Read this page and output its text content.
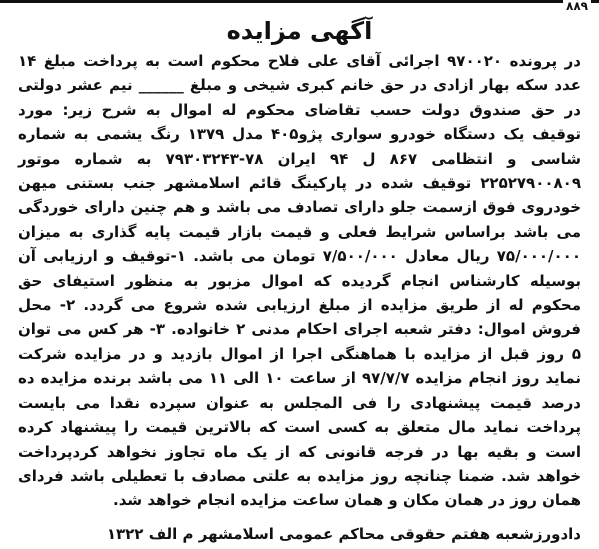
۸۸۹
آگهی مزایده
در پرونده ۹۷۰۰۲۰ اجرائی آقای علی فلاح محکوم است به پرداخت مبلغ ۱۴ عدد سکه بهار ازادی در حق خانم کبری شیخی و مبلغ ______ نیم عشر دولتی در حق صندوق دولت حسب تقاضای محکوم له اموال به شرح زیر: مورد توقیف یک دستگاه خودرو سواری پژو۴۰۵ مدل ۱۳۷۹ رنگ یشمی به شماره شاسی و انتظامی ۸۶۷ ل ۹۴ ایران ۷۸-۷۹۳۰۳۲۴۳ به شماره موتور ۲۲۵۲۷۹۰۰۸۰۹ توقیف شده در پارکینگ قائم اسلامشهر جنب بستنی میهن خودروی فوق ازسمت جلو دارای تصادف می باشد و هم چنین دارای خوردگی می باشد براساس شرایط فعلی و قیمت بازار قیمت پایه گذاری به میزان ۷۵/۰۰۰/۰۰۰ ریال معادل ۷/۵۰۰/۰۰۰ تومان می باشد. ۱-توقیف و ارزیابی آن بوسیله کارشناس انجام گردیده که اموال مزبور به منظور استیفای حق محکوم له از طریق مزایده از مبلغ ارزیابی شده شروع می گردد. ۲- محل فروش اموال: دفتر شعبه اجرای احکام مدنی ۲ خانواده. ۳- هر کس می توان ۵ روز قبل از مزایده با هماهنگی اجرا از اموال بازدید و در مزایده شرکت نماید روز انجام مزایده ۹۷/۷/۷ از ساعت ۱۰ الی ۱۱ می باشد برنده مزایده ده درصد قیمت پیشنهادی را فی المجلس به عنوان سپرده نقدا می بایست پرداخت نماید مال متعلق به کسی است که بالاترین قیمت را پیشنهاد کرده است و بقیه بها در فرجه قانونی که از یک ماه تجاوز نخواهد کردپرداخت خواهد شد. ضمنا چنانچه روز مزایده به علتی مصادف با تعطیلی باشد فردای همان روز در همان مکان و همان ساعت مزایده انجام خواهد شد.
دادورزشعبه هفتم حقوقی محاکم عمومی اسلامشهر م الف ۱۳۲۲
